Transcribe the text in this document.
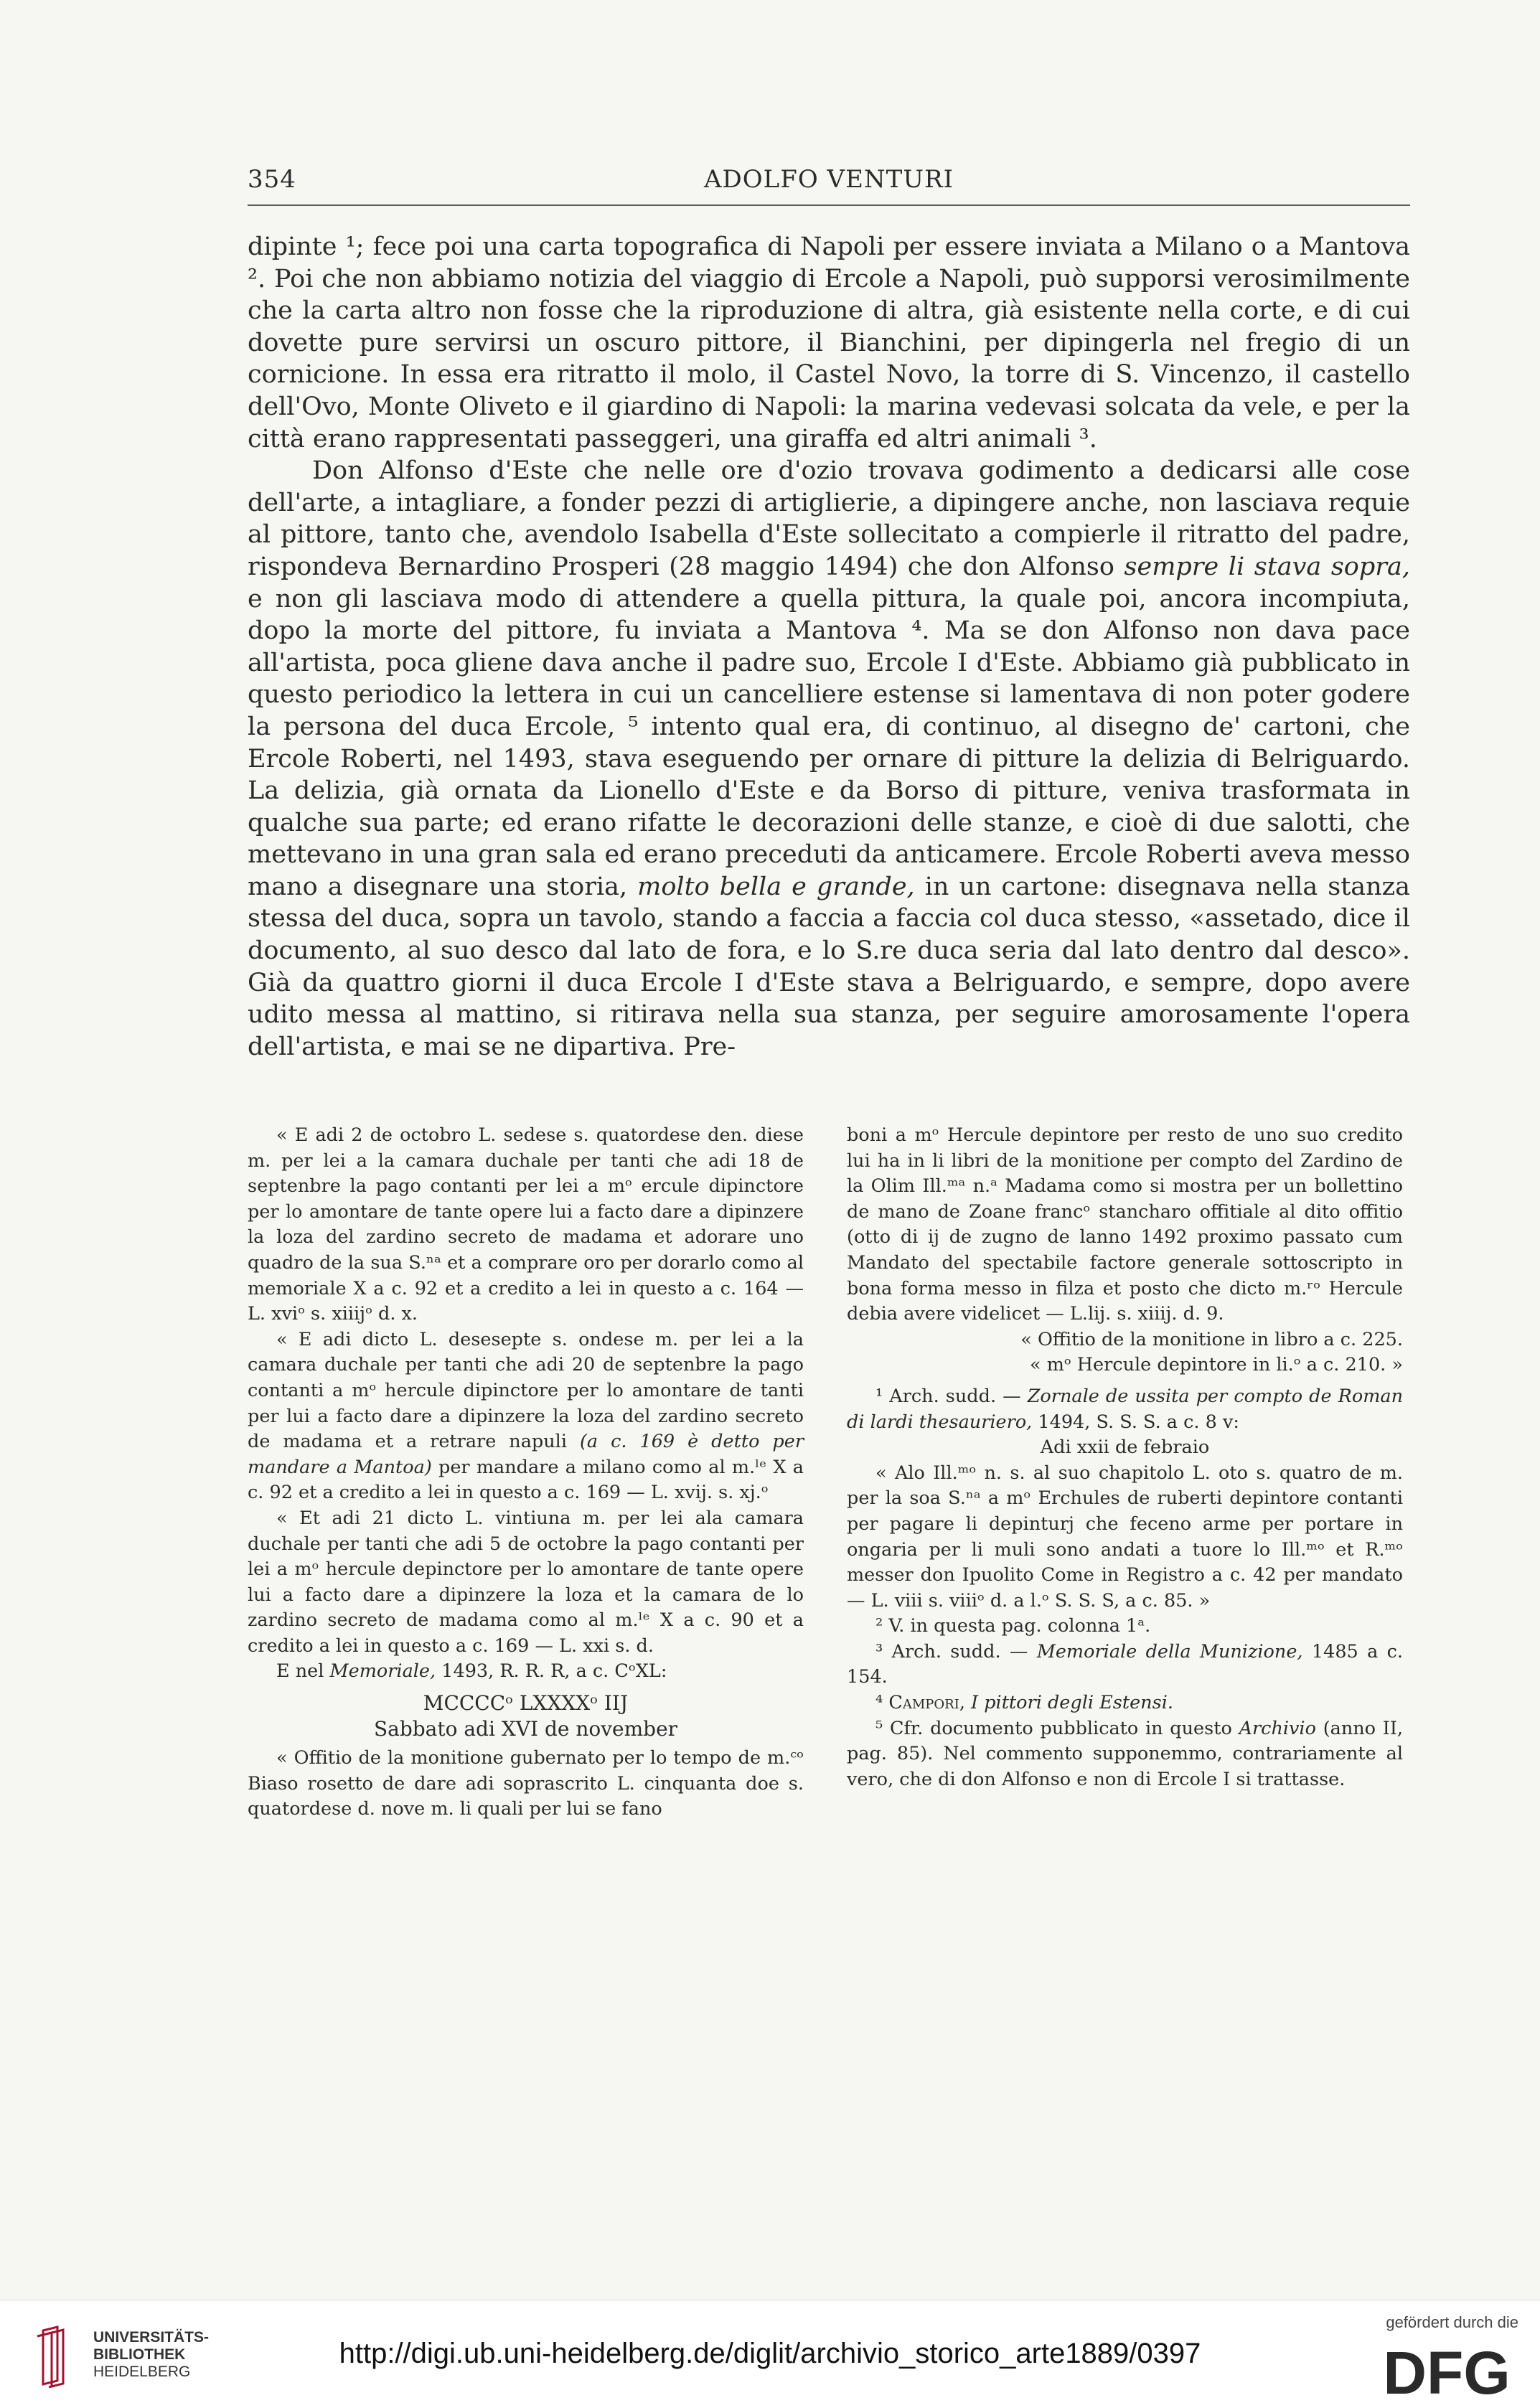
354	ADOLFO VENTURI

dipinte ¹; fece poi una carta topografica di Napoli per essere inviata a Milano o a Mantova ². Poi che non abbiamo notizia del viaggio di Ercole a Napoli, può supporsi verosimilmente che la carta altro non fosse che la riproduzione di altra, già esistente nella corte, e di cui dovette pure servirsi un oscuro pittore, il Bianchini, per dipingerla nel fregio di un cornicione. In essa era ritratto il molo, il Castel Novo, la torre di S. Vincenzo, il castello dell'Ovo, Monte Oliveto e il giardino di Napoli: la marina vedevasi solcata da vele, e per la città erano rappresentati passeggeri, una giraffa ed altri animali ³.

Don Alfonso d'Este che nelle ore d'ozio trovava godimento a dedicarsi alle cose dell'arte, a intagliare, a fonder pezzi di artiglierie, a dipingere anche, non lasciava requie al pittore, tanto che, avendolo Isabella d'Este sollecitato a compierle il ritratto del padre, rispondeva Bernardino Prosperi (28 maggio 1494) che don Alfonso sempre li stava sopra, e non gli lasciava modo di attendere a quella pittura, la quale poi, ancora incompiuta, dopo la morte del pittore, fu inviata a Mantova ⁴. Ma se don Alfonso non dava pace all'artista, poca gliene dava anche il padre suo, Ercole I d'Este. Abbiamo già pubblicato in questo periodico la lettera in cui un cancelliere estense si lamentava di non poter godere la persona del duca Ercole, ⁵ intento qual era, di continuo, al disegno de' cartoni, che Ercole Roberti, nel 1493, stava eseguendo per ornare di pitture la delizia di Belriguardo. La delizia, già ornata da Lionello d'Este e da Borso di pitture, veniva trasformata in qualche sua parte; ed erano rifatte le decorazioni delle stanze, e cioè di due salotti, che mettevano in una gran sala ed erano preceduti da anticamere. Ercole Roberti aveva messo mano a disegnare una storia, molto bella e grande, in un cartone: disegnava nella stanza stessa del duca, sopra un tavolo, stando a faccia a faccia col duca stesso, «assetado, dice il documento, al suo desco dal lato de fora, e lo S.re duca seria dal lato dentro dal desco». Già da quattro giorni il duca Ercole I d'Este stava a Belriguardo, e sempre, dopo avere udito messa al mattino, si ritirava nella sua stanza, per seguire amorosamente l'opera dell'artista, e mai se ne dipartiva. Pre-

« E adi 2 de octobro L. sedese s. quatordese den. diese m. per lei a la camara duchale per tanti che adi 18 de septenbre la pago contanti per lei a mᵒ ercule dipinctore per lo amontare de tante opere lui a facto dare a dipinzere la loza del zardino secreto de madama et adorare uno quadro de la sua S.ⁿᵃ et a comprare oro per dorarlo como al memoriale X a c. 92 et a credito a lei in questo a c. 164 — L. xviᵒ s. xiiijᵒ d. x.

« E adi dicto L. desesepte s. ondese m. per lei a la camara duchale per tanti che adi 20 de septenbre la pago contanti a mᵒ hercule dipinctore per lo amontare de tanti per lui a facto dare a dipinzere la loza del zardino secreto de madama et a retrare napuli (a c. 169 è detto per mandare a Mantoa) per mandare a milano como al m.ˡᵉ X a c. 92 et a credito a lei in questo a c. 169 — L. xvij. s. xj.ᵒ

« Et adi 21 dicto L. vintiuna m. per lei ala camara duchale per tanti che adi 5 de octobre la pago contanti per lei a mᵒ hercule depinctore per lo amontare de tante opere lui a facto dare a dipinzere la loza et la camara de lo zardino secreto de madama como al m.ˡᵉ X a c. 90 et a credito a lei in questo a c. 169 — L. xxi s. d.

E nel Memoriale, 1493, R. R. R, a c. CᵒXL:

MCCCCᵒ LXXXXᵒ IIJ

Sabbato adi XVI de november

« Offitio de la monitione gubernato per lo tempo de m.ᶜᵒ Biaso rosetto de dare adi soprascrito L. cinquanta doe s. quatordese d. nove m. li quali per lui se fano

boni a mᵒ Hercule depintore per resto de uno suo credito lui ha in li libri de la monitione per compto del Zardino de la Olim Ill.ᵐᵃ n.ᵃ Madama como si mostra per un bollettino de mano de Zoane francᵒ stancharo offitiale al dito offitio (otto di ij de zugno de lanno 1492 proximo passato cum Mandato del spectabile factore generale sottoscripto in bona forma messo in filza et posto che dicto m.ʳᵒ Hercule debia avere videlicet — L.lij. s. xiiij. d. 9.

« Offitio de la monitione in libro a c. 225.

« mᵒ Hercule depintore in li.ᵒ a c. 210. »

¹ Arch. sudd. — Zornale de ussita per compto de Roman di lardi thesauriero, 1494, S. S. S. a c. 8 v:

Adi xxii de febraio

« Alo Ill.ᵐᵒ n. s. al suo chapitolo L. oto s. quatro de m. per la soa S.ⁿᵃ a mᵒ Erchules de ruberti depintore contanti per pagare li depinturj che feceno arme per portare in ongaria per li muli sono andati a tuore lo Ill.ᵐᵒ et R.ᵐᵒ messer don Ipuolito Come in Registro a c. 42 per mandato — L. viii s. viiiᵒ d. a l.ᵒ S. S. S, a c. 85. »

² V. in questa pag. colonna 1ᵃ.

³ Arch. sudd. — Memoriale della Munizione, 1485 a c. 154.

⁴ Campori, I pittori degli Estensi.

⁵ Cfr. documento pubblicato in questo Archivio (anno II, pag. 85). Nel commento supponemmo, contrariamente al vero, che di don Alfonso e non di Ercole I si trattasse.

UNIVERSITÄTS-
BIBLIOTHEK
HEIDELBERG
http://digi.ub.uni-heidelberg.de/diglit/archivio_storico_arte1889/0397
gefördert durch die
DFG
